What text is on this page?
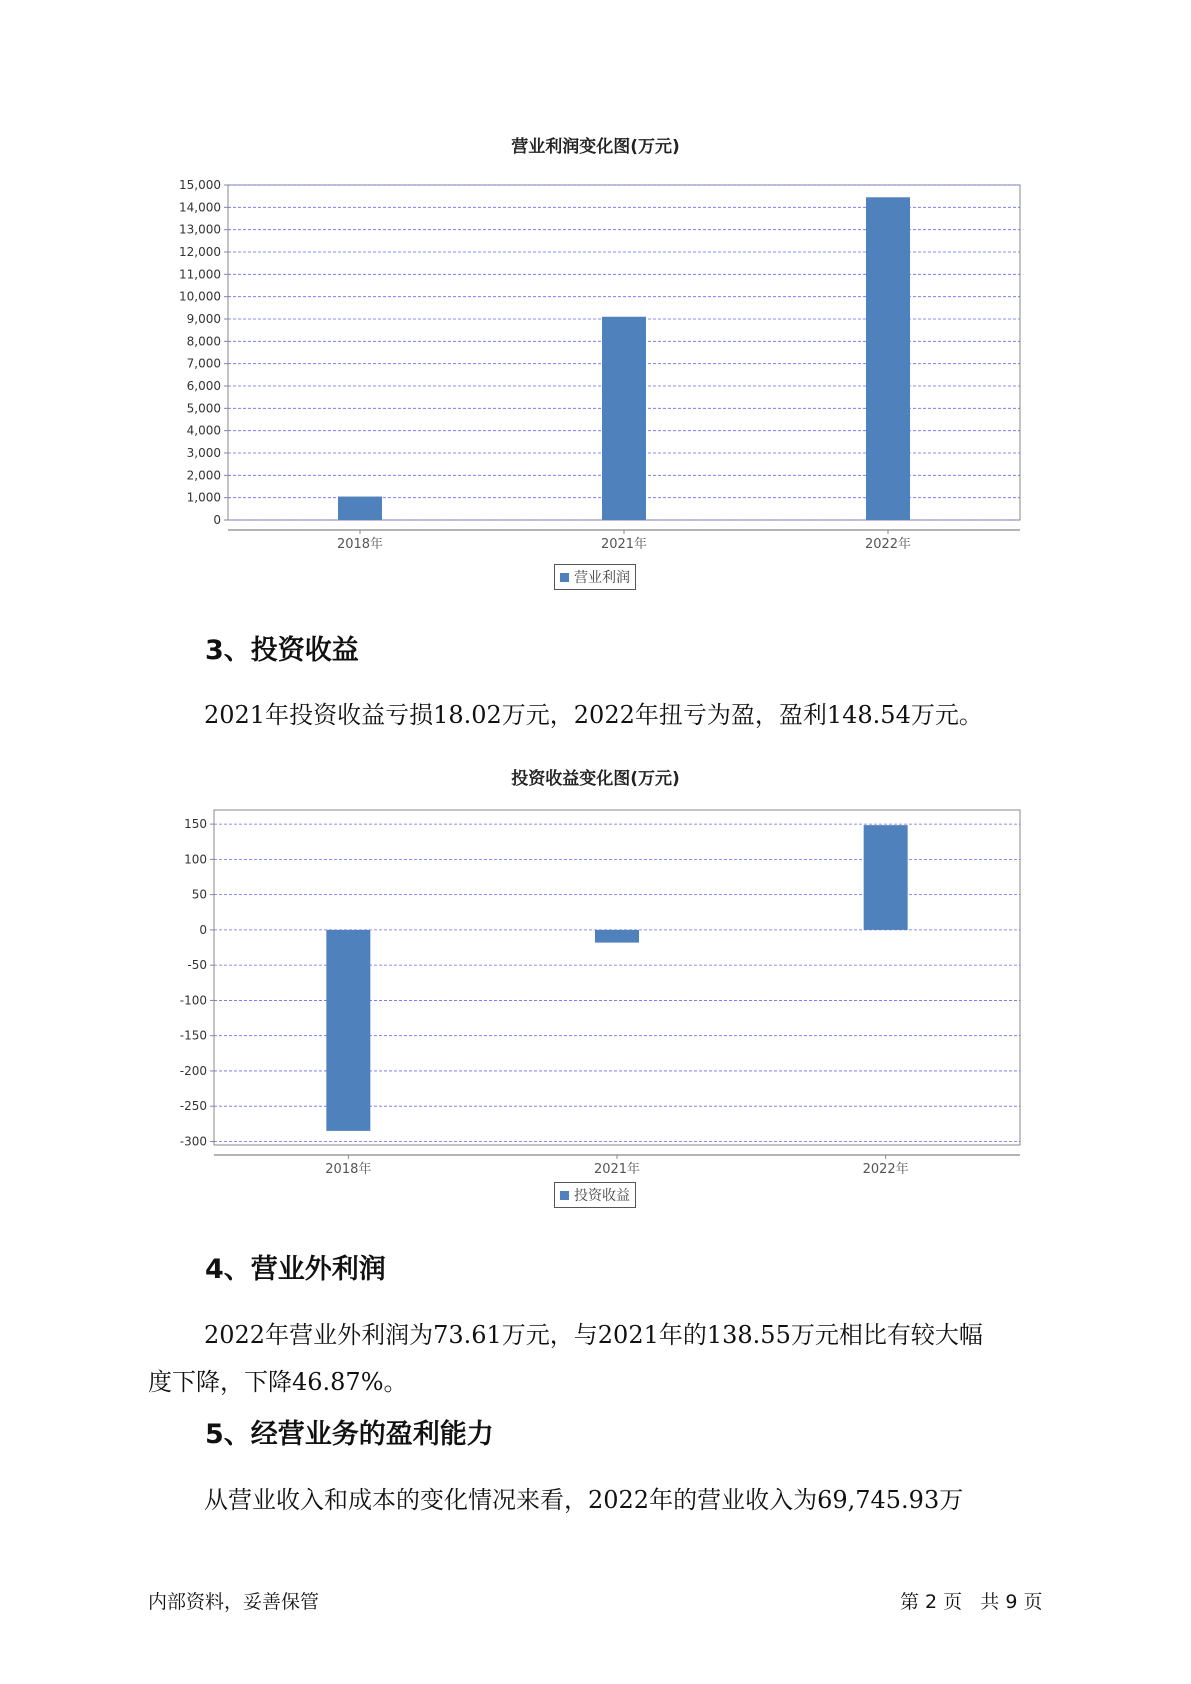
营业利润变化图(万元)
0
1,000
2,000
3,000
4,000
5,000
6,000
7,000
8,000
9,000
10,000
11,000
12,000
13,000
14,000
15,000
2018年	2021年	2022年
营业利润
3、投资收益

2021年投资收益亏损18.02万元，2022年扭亏为盈，盈利148.54万元。

投资收益变化图(万元)
150
100
50
0
-50
-100
-150
-200
-250
-300
2018年	2021年	2022年
投资收益
4、营业外利润

2022年营业外利润为73.61万元，与2021年的138.55万元相比有较大幅

度下降，下降46.87%。

5、经营业务的盈利能力

从营业收入和成本的变化情况来看，2022年的营业收入为69,745.93万

内部资料，妥善保管	第 2 页   共 9 页
